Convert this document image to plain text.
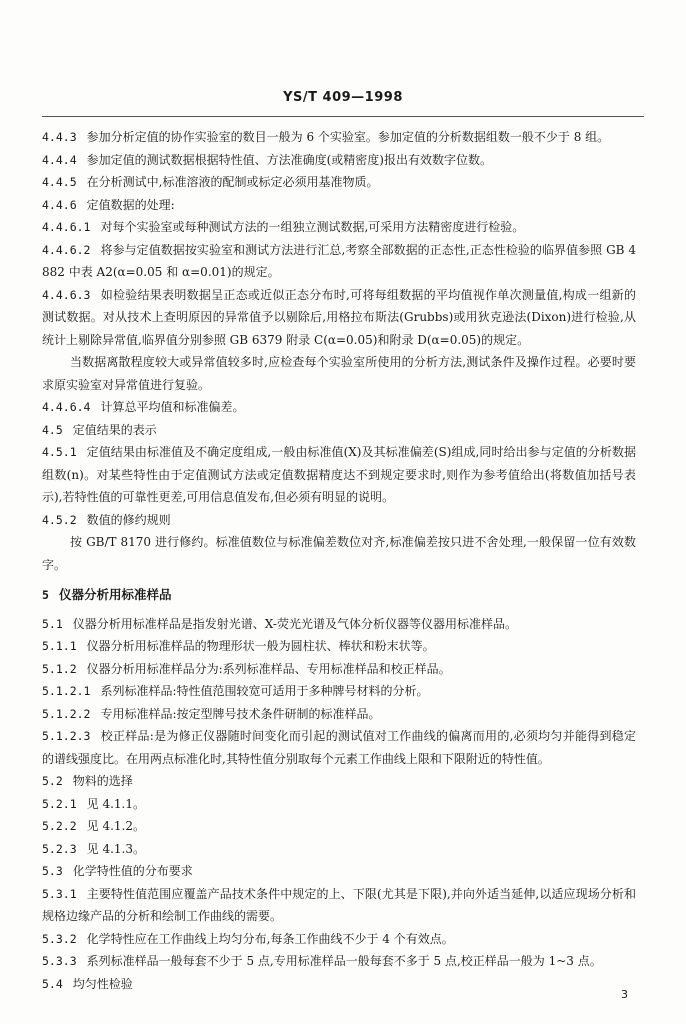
YS/T 409—1998

4.4.3 参加分析定值的协作实验室的数目一般为 6 个实验室。参加定值的分析数据组数一般不少于 8 组。

4.4.4 参加定值的测试数据根据特性值、方法准确度(或精密度)报出有效数字位数。

4.4.5 在分析测试中,标准溶液的配制或标定必须用基准物质。

4.4.6 定值数据的处理:

4.4.6.1 对每个实验室或每种测试方法的一组独立测试数据,可采用方法精密度进行检验。

4.4.6.2 将参与定值数据按实验室和测试方法进行汇总,考察全部数据的正态性,正态性检验的临界值参照 GB 4882 中表 A2(α=0.05 和 α=0.01)的规定。

4.4.6.3 如检验结果表明数据呈正态或近似正态分布时,可将每组数据的平均值视作单次测量值,构成一组新的测试数据。对从技术上查明原因的异常值予以剔除后,用格拉布斯法(Grubbs)或用狄克逊法(Dixon)进行检验,从统计上剔除异常值,临界值分别参照 GB 6379 附录 C(α=0.05)和附录 D(α=0.05)的规定。

当数据离散程度较大或异常值较多时,应检查每个实验室所使用的分析方法,测试条件及操作过程。必要时要求原实验室对异常值进行复验。

4.4.6.4 计算总平均值和标准偏差。

4.5 定值结果的表示

4.5.1 定值结果由标准值及不确定度组成,一般由标准值(X)及其标准偏差(S)组成,同时给出参与定值的分析数据组数(n)。对某些特性由于定值测试方法或定值数据精度达不到规定要求时,则作为参考值给出(将数值加括号表示),若特性值的可靠性更差,可用信息值发布,但必须有明显的说明。

4.5.2 数值的修约规则

按 GB/T 8170 进行修约。标准值数位与标准偏差数位对齐,标准偏差按只进不舍处理,一般保留一位有效数字。

5 仪器分析用标准样品

5.1 仪器分析用标准样品是指发射光谱、X-荧光光谱及气体分析仪器等仪器用标准样品。

5.1.1 仪器分析用标准样品的物理形状一般为圆柱状、棒状和粉末状等。

5.1.2 仪器分析用标准样品分为:系列标准样品、专用标准样品和校正样品。

5.1.2.1 系列标准样品:特性值范围较宽可适用于多种牌号材料的分析。

5.1.2.2 专用标准样品:按定型牌号技术条件研制的标准样品。

5.1.2.3 校正样品:是为修正仪器随时间变化而引起的测试值对工作曲线的偏离而用的,必须均匀并能得到稳定的谱线强度比。在用两点标准化时,其特性值分别取每个元素工作曲线上限和下限附近的特性值。

5.2 物料的选择

5.2.1 见 4.1.1。

5.2.2 见 4.1.2。

5.2.3 见 4.1.3。

5.3 化学特性值的分布要求

5.3.1 主要特性值范围应覆盖产品技术条件中规定的上、下限(尤其是下限),并向外适当延伸,以适应现场分析和规格边缘产品的分析和绘制工作曲线的需要。

5.3.2 化学特性应在工作曲线上均匀分布,每条工作曲线不少于 4 个有效点。

5.3.3 系列标准样品一般每套不少于 5 点,专用标准样品一般每套不多于 5 点,校正样品一般为 1~3 点。

5.4 均匀性检验

3
